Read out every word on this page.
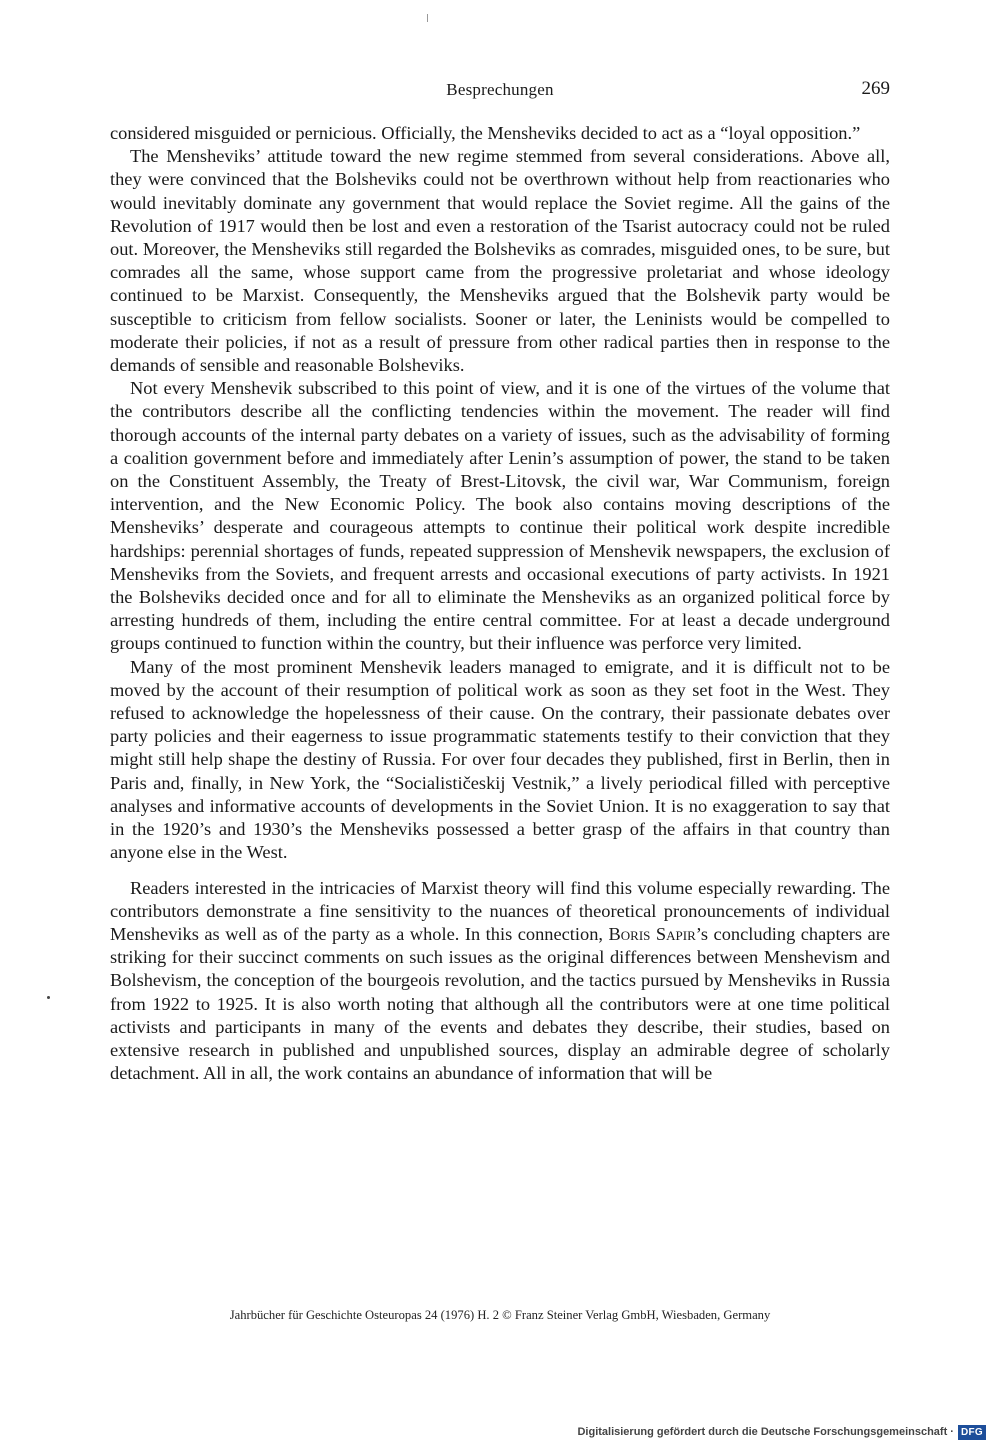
Besprechungen	269

considered misguided or pernicious. Officially, the Mensheviks decided to act as a “loyal opposition.”

The Mensheviks’ attitude toward the new regime stemmed from several considerations. Above all, they were convinced that the Bolsheviks could not be overthrown without help from reactionaries who would inevitably dominate any government that would replace the Soviet regime. All the gains of the Revolution of 1917 would then be lost and even a restoration of the Tsarist autocracy could not be ruled out. Moreover, the Mensheviks still regarded the Bolsheviks as comrades, misguided ones, to be sure, but comrades all the same, whose support came from the progressive proletariat and whose ideology continued to be Marxist. Consequently, the Mensheviks argued that the Bolshevik party would be susceptible to criticism from fellow socialists. Sooner or later, the Leninists would be compelled to moderate their policies, if not as a result of pressure from other radical parties then in response to the demands of sensible and reasonable Bolsheviks.

Not every Menshevik subscribed to this point of view, and it is one of the virtues of the volume that the contributors describe all the conflicting tendencies within the movement. The reader will find thorough accounts of the internal party debates on a variety of issues, such as the advisability of forming a coalition government before and immediately after Lenin’s assumption of power, the stand to be taken on the Constituent Assembly, the Treaty of Brest-Litovsk, the civil war, War Communism, foreign intervention, and the New Economic Policy. The book also contains moving descriptions of the Mensheviks’ desperate and courageous attempts to continue their political work despite incredible hardships: perennial shortages of funds, repeated suppression of Menshevik newspapers, the exclusion of Mensheviks from the Soviets, and frequent arrests and occasional executions of party activists. In 1921 the Bolsheviks decided once and for all to eliminate the Mensheviks as an organized political force by arresting hundreds of them, including the entire central committee. For at least a decade underground groups continued to function within the country, but their influence was perforce very limited.

Many of the most prominent Menshevik leaders managed to emigrate, and it is difficult not to be moved by the account of their resumption of political work as soon as they set foot in the West. They refused to acknowledge the hopelessness of their cause. On the contrary, their passionate debates over party policies and their eagerness to issue programmatic statements testify to their conviction that they might still help shape the destiny of Russia. For over four decades they published, first in Berlin, then in Paris and, finally, in New York, the “Socialističeskij Vestnik,” a lively periodical filled with perceptive analyses and informative accounts of developments in the Soviet Union. It is no exaggeration to say that in the 1920’s and 1930’s the Mensheviks possessed a better grasp of the affairs in that country than anyone else in the West.

Readers interested in the intricacies of Marxist theory will find this volume especially rewarding. The contributors demonstrate a fine sensitivity to the nuances of theoretical pronouncements of individual Mensheviks as well as of the party as a whole. In this connection, Boris Sapir’s concluding chapters are striking for their succinct comments on such issues as the original differences between Menshevism and Bolshevism, the conception of the bourgeois revolution, and the tactics pursued by Mensheviks in Russia from 1922 to 1925. It is also worth noting that although all the contributors were at one time political activists and participants in many of the events and debates they describe, their studies, based on extensive research in published and unpublished sources, display an admirable degree of scholarly detachment. All in all, the work contains an abundance of information that will be

Jahrbücher für Geschichte Osteuropas 24 (1976) H. 2 © Franz Steiner Verlag GmbH, Wiesbaden, Germany
Digitalisierung gefördert durch die Deutsche Forschungsgemeinschaft · DFG
